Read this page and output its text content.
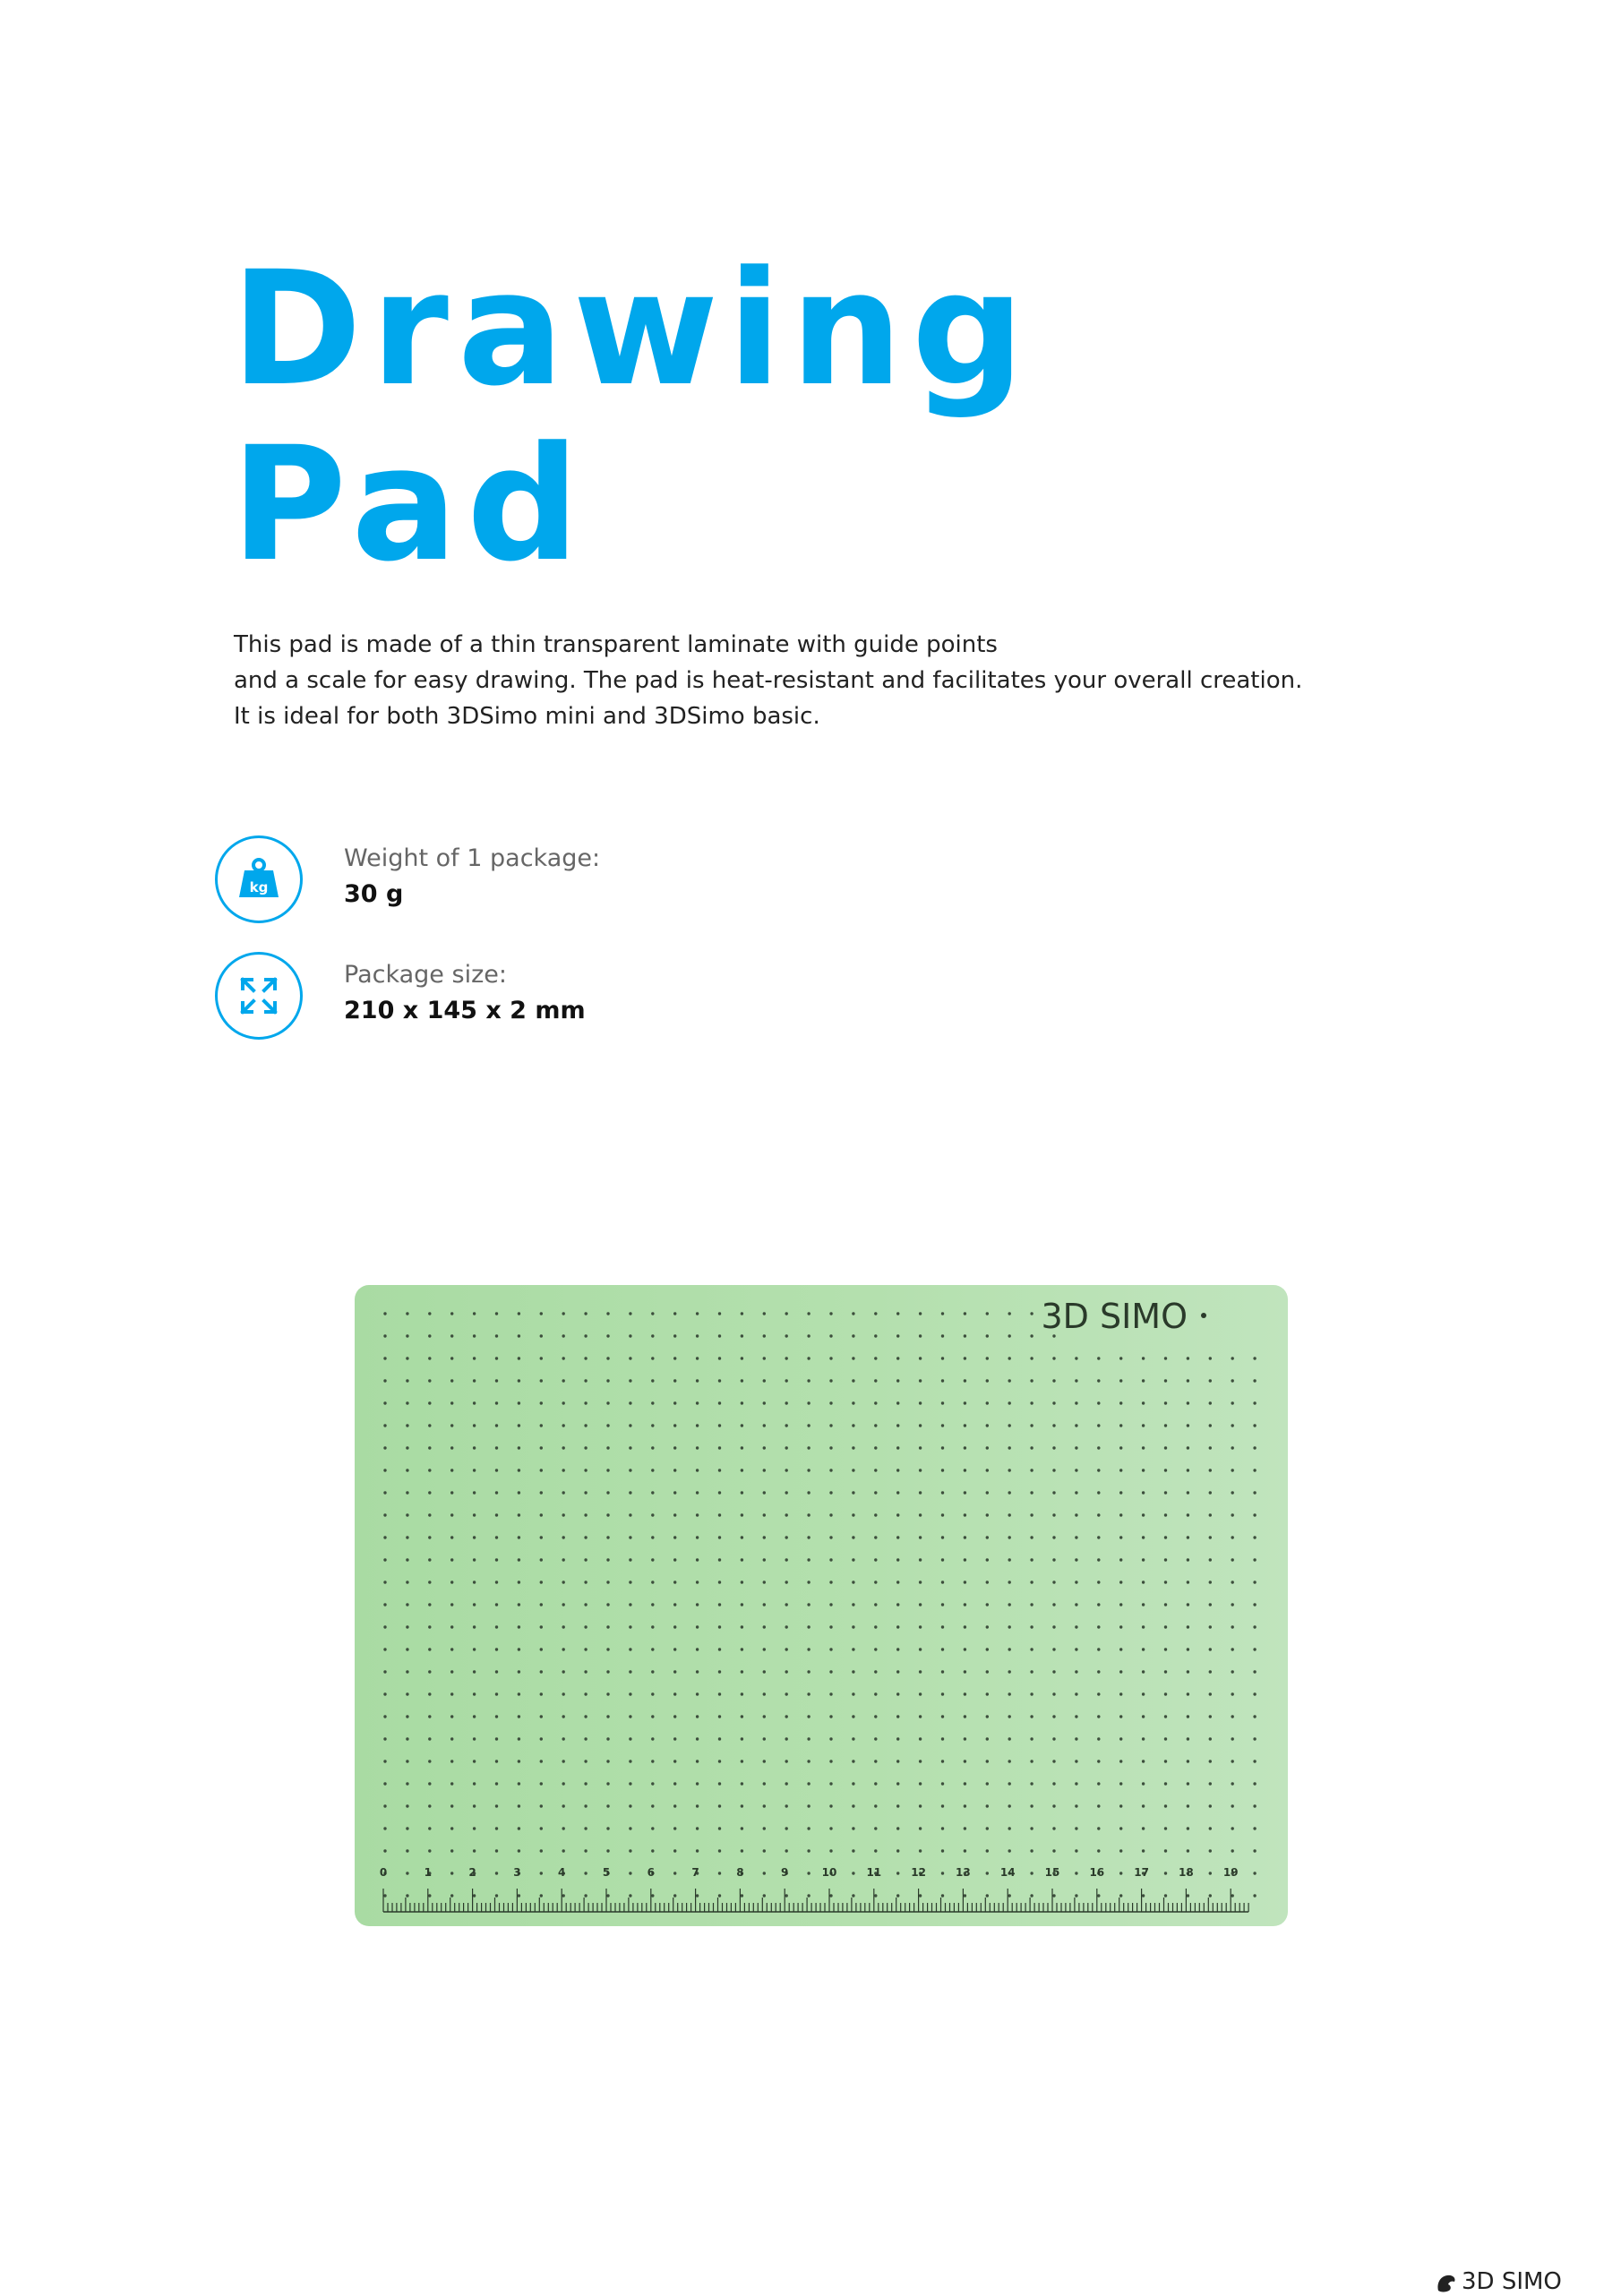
Drawing
Pad

This pad is made of a thin transparent laminate with guide points

and a scale for easy drawing. The pad is heat-resistant and facilitates your overall creation.

It is ideal for both 3DSimo mini and 3DSimo basic.

kg
Weight of 1 package:
30 g
Package size:
210 x 145 x 2 mm
0	1	2	3	4	5	6	7	8	9	10	11	12	13	14	15	16	17	18	19
3D SIMO
3D SIMO
